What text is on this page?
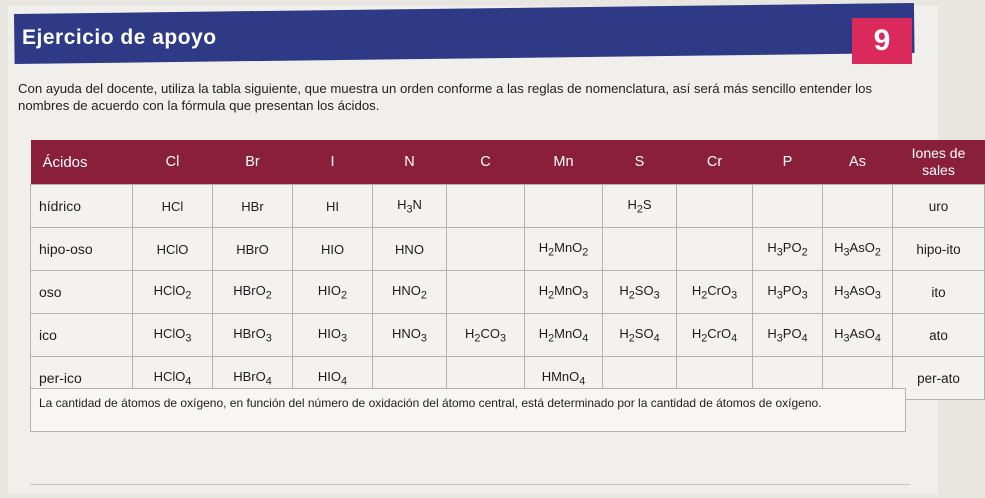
Ejercicio de apoyo	9
Con ayuda del docente, utiliza la tabla siguiente, que muestra un orden conforme a las reglas de nomenclatura, así será más sencillo entender los nombres de acuerdo con la fórmula que presentan los ácidos.
Ácidos	Cl	Br	I	N	C	Mn	S	Cr	P	As	Iones de sales
hídrico	HCl	HBr	HI	$H_3N$			$H_2S$				uro
hipo-oso	HClO	HBrO	HIO	HNO		$H_2MnO_2$			$H_3PO_2$	$H_3AsO_2$	hipo-ito
oso	HClO$_2$	HBrO$_2$	$HIO_2$	$HNO_2$		$H_2MnO_3$	$H_2SO_3$	$H_2CrO_3$	$H_3PO_3$	$H_3AsO_3$	ito
ico	HClO$_3$	HBrO$_3$	$HIO_3$	$HNO_3$	$H_2CO_3$	$H_2MnO_4$	$H_2SO_4$	$H_2CrO_4$	$H_3PO_4$	$H_3AsO_4$	ato
per-ico	HClO$_4$	HBrO$_4$	$HIO_4$			HMnO$_4$					per-ato
La cantidad de átomos de oxígeno, en función del número de oxidación del átomo central, está determinado por la cantidad de átomos de oxígeno.
